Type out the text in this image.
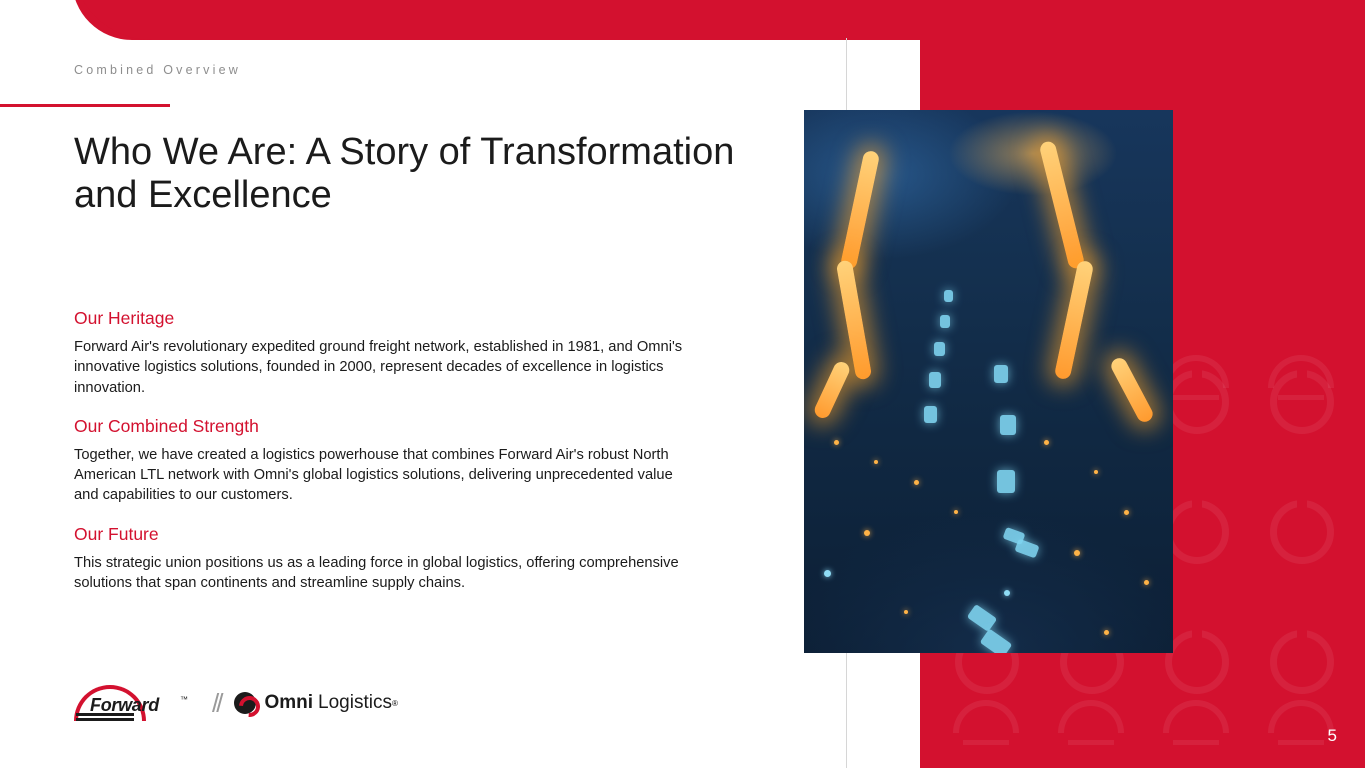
Combined Overview
Who We Are: A Story of Transformation and Excellence
Our Heritage

Forward Air's revolutionary expedited ground freight network, established in 1981, and Omni's innovative logistics solutions, founded in 2000, represent decades of excellence in logistics innovation.

Our Combined Strength

Together, we have created a logistics powerhouse that combines Forward Air's robust North American LTL network with Omni's global logistics solutions, delivering unprecedented value and capabilities to our customers.

Our Future

This strategic union positions us as a leading force in global logistics, offering comprehensive solutions that span continents and streamline supply chains.

Forward	™ // Omni Logistics ®
5
